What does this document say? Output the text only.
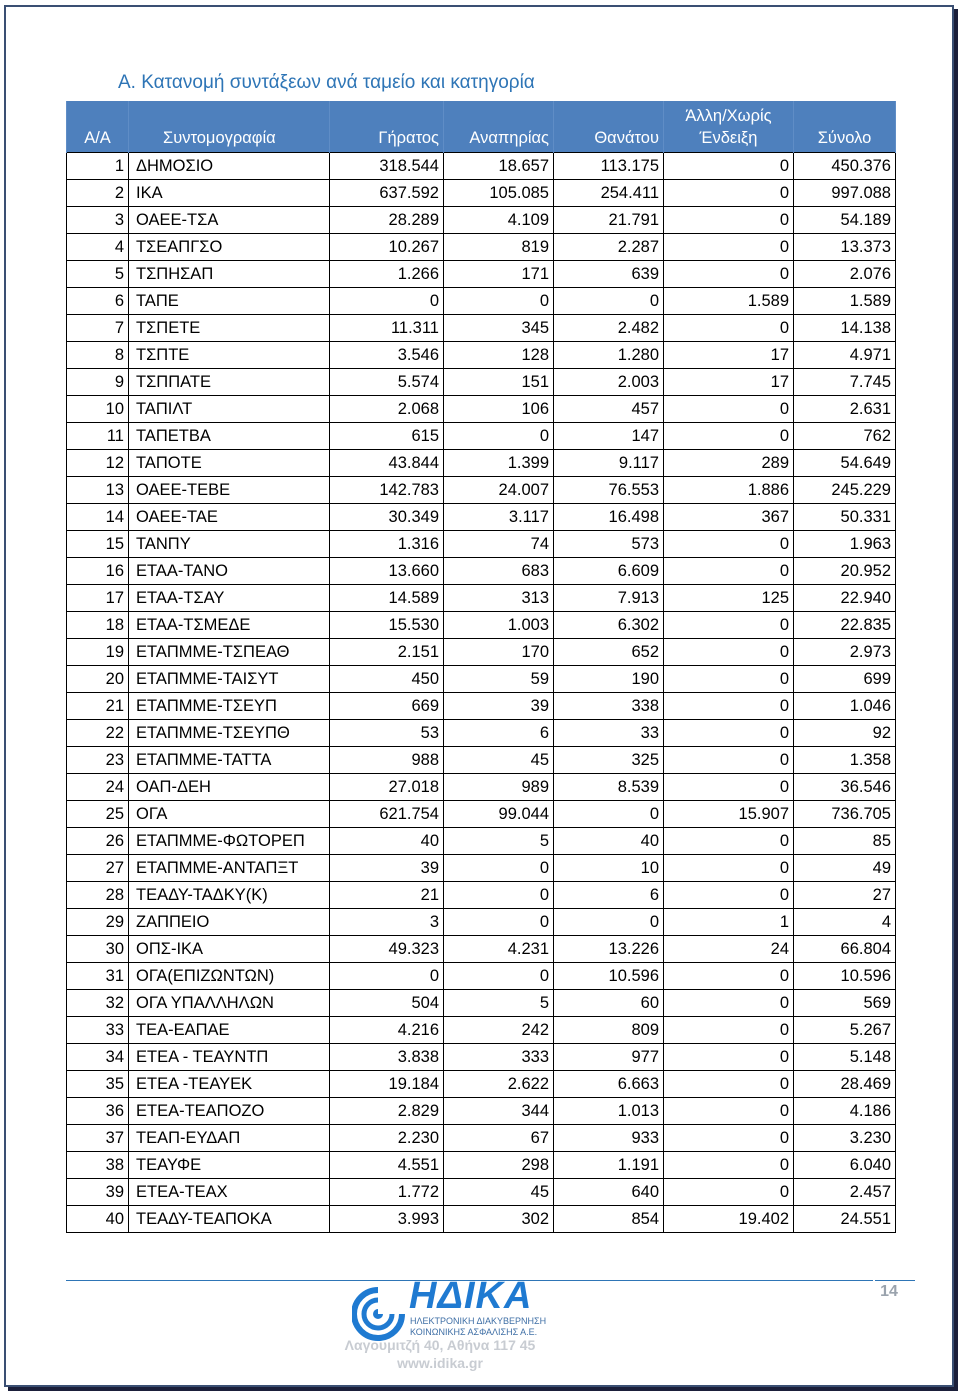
Α. Κατανομή συντάξεων ανά ταμείο και κατηγορία
Α/Α	Συντομογραφία	Γήρατος	Αναπηρίας	Θανάτου	Άλλη/Χωρίς
Ένδειξη	Σύνολο
1	ΔΗΜΟΣΙΟ	318.544	18.657	113.175	0	450.376
2	ΙΚΑ	637.592	105.085	254.411	0	997.088
3	ΟΑΕΕ-ΤΣΑ	28.289	4.109	21.791	0	54.189
4	ΤΣΕΑΠΓΣΟ	10.267	819	2.287	0	13.373
5	ΤΣΠΗΣΑΠ	1.266	171	639	0	2.076
6	ΤΑΠΕ	0	0	0	1.589	1.589
7	ΤΣΠΕΤΕ	11.311	345	2.482	0	14.138
8	ΤΣΠΤΕ	3.546	128	1.280	17	4.971
9	ΤΣΠΠΑΤΕ	5.574	151	2.003	17	7.745
10	ΤΑΠΙΛΤ	2.068	106	457	0	2.631
11	ΤΑΠΕΤΒΑ	615	0	147	0	762
12	ΤΑΠΟΤΕ	43.844	1.399	9.117	289	54.649
13	ΟΑΕΕ-ΤΕΒΕ	142.783	24.007	76.553	1.886	245.229
14	ΟΑΕΕ-ΤΑΕ	30.349	3.117	16.498	367	50.331
15	ΤΑΝΠΥ	1.316	74	573	0	1.963
16	ΕΤΑΑ-ΤΑΝΟ	13.660	683	6.609	0	20.952
17	ΕΤΑΑ-ΤΣΑΥ	14.589	313	7.913	125	22.940
18	ΕΤΑΑ-ΤΣΜΕΔΕ	15.530	1.003	6.302	0	22.835
19	ΕΤΑΠΜΜΕ-ΤΣΠΕΑΘ	2.151	170	652	0	2.973
20	ΕΤΑΠΜΜΕ-ΤΑΙΣΥΤ	450	59	190	0	699
21	ΕΤΑΠΜΜΕ-ΤΣΕΥΠ	669	39	338	0	1.046
22	ΕΤΑΠΜΜΕ-ΤΣΕΥΠΘ	53	6	33	0	92
23	ΕΤΑΠΜΜΕ-ΤΑΤΤΑ	988	45	325	0	1.358
24	ΟΑΠ-ΔΕΗ	27.018	989	8.539	0	36.546
25	ΟΓΑ	621.754	99.044	0	15.907	736.705
26	ΕΤΑΠΜΜΕ-ΦΩΤΟΡΕΠ	40	5	40	0	85
27	ΕΤΑΠΜΜΕ-ΑΝΤΑΠΞΤ	39	0	10	0	49
28	ΤΕΑΔΥ-ΤΑΔΚΥ(Κ)	21	0	6	0	27
29	ΖΑΠΠΕΙΟ	3	0	0	1	4
30	ΟΠΣ-ΙΚΑ	49.323	4.231	13.226	24	66.804
31	ΟΓΑ(ΕΠΙΖΩΝΤΩΝ)	0	0	10.596	0	10.596
32	ΟΓΑ ΥΠΑΛΛΗΛΩΝ	504	5	60	0	569
33	ΤΕΑ-ΕΑΠΑΕ	4.216	242	809	0	5.267
34	ΕΤΕΑ - ΤΕΑΥΝΤΠ	3.838	333	977	0	5.148
35	ΕΤΕΑ -ΤΕΑΥΕΚ	19.184	2.622	6.663	0	28.469
36	ΕΤΕΑ-ΤΕΑΠΟΖΟ	2.829	344	1.013	0	4.186
37	ΤΕΑΠ-ΕΥΔΑΠ	2.230	67	933	0	3.230
38	ΤΕΑΥΦΕ	4.551	298	1.191	0	6.040
39	ΕΤΕΑ-ΤΕΑΧ	1.772	45	640	0	2.457
40	ΤΕΑΔΥ-ΤΕΑΠΟΚΑ	3.993	302	854	19.402	24.551
14
ΗΔΙΚΑ
ΗΛΕΚΤΡΟΝΙΚΗ ΔΙΑΚΥΒΕΡΝΗΣΗ
ΚΟΙΝΩΝΙΚΗΣ ΑΣΦΑΛΙΣΗΣ Α.Ε.
Λαγουμιτζή 40, Αθήνα 117 45
www.idika.gr
